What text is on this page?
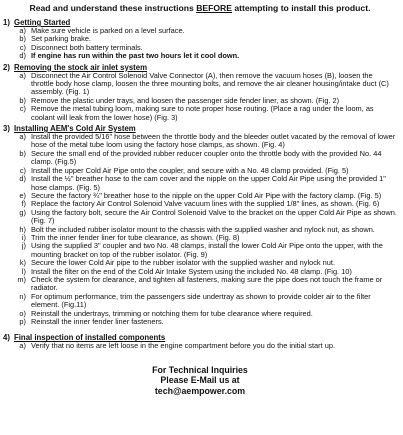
Read and understand these instructions BEFORE attempting to install this product.
1) Getting Started
a) Make sure vehicle is parked on a level surface.
b) Set parking brake.
c) Disconnect both battery terminals.
d) If engine has run within the past two hours let it cool down.
2) Removing the stock air inlet system
a) Disconnect the Air Control Solenoid Valve Connector (A), then remove the vacuum hoses (B), loosen the throttle body hose clamp, loosen the three mounting bolts, and remove the air cleaner housing/intake duct (C) assembly. (Fig. 1)
b) Remove the plastic under trays, and loosen the passenger side fender liner, as shown. (Fig. 2)
c) Remove the metal tubing loom, making sure to note proper hose routing. (Place a rag under the loom, as coolant will leak from the lower hose) (Fig. 3)
3) Installing AEM's Cold Air System
a) Install the provided 5/16" hose between the throttle body and the bleeder outlet vacated by the removal of lower hose of the metal tube loom using the factory hose clamps, as shown. (Fig. 4)
b) Secure the small end of the provided rubber reducer coupler onto the throttle body with the provided No. 44 clamp. (Fig.5)
c) Install the upper Cold Air Pipe onto the coupler, and secure with a No. 48 clamp provided. (Fig. 5)
d) Install the ½" breather hose to the cam cover and the nipple on the upper Cold Air Pipe using the provided 1" hose clamps. (Fig. 5)
e) Secure the factory ¾" breather hose to the nipple on the upper Cold Air Pipe with the factory clamp. (Fig. 5)
f) Replace the factory Air Control Solenoid Valve vacuum lines with the supplied 1/8" lines, as shown. (Fig. 6)
g) Using the factory bolt, secure the Air Control Solenoid Valve to the bracket on the upper Cold Air Pipe as shown. (Fig. 7)
h) Bolt the included rubber isolator mount to the chassis with the supplied washer and nylock nut, as shown.
i) Trim the inner fender liner for tube clearance, as shown. (Fig. 8)
j) Using the supplied 3" coupler and two No. 48 clamps, install the lower Cold Air Pipe onto the upper, with the mounting bracket on top of the rubber isolator. (Fig. 9)
k) Secure the lower Cold Air pipe to the rubber isolator with the supplied washer and nylock nut.
l) Install the filter on the end of the Cold Air Intake System using the included No. 48 clamp. (Fig. 10)
m) Check the system for clearance, and tighten all fasteners, making sure the pipe does not touch the frame or radiator.
n) For optimum performance, trim the passengers side undertray as shown to provide colder air to the filter element. (Fig.11)
o) Reinstall the undertrays, trimming or notching them for tube clearance where required.
p) Reinstall the inner fender liner fasteners.
4) Final inspection of installed components
a) Verify that no items are left loose in the engine compartment before you do the initial start up.
For Technical Inquiries
Please E-Mail us at
tech@aempower.com
